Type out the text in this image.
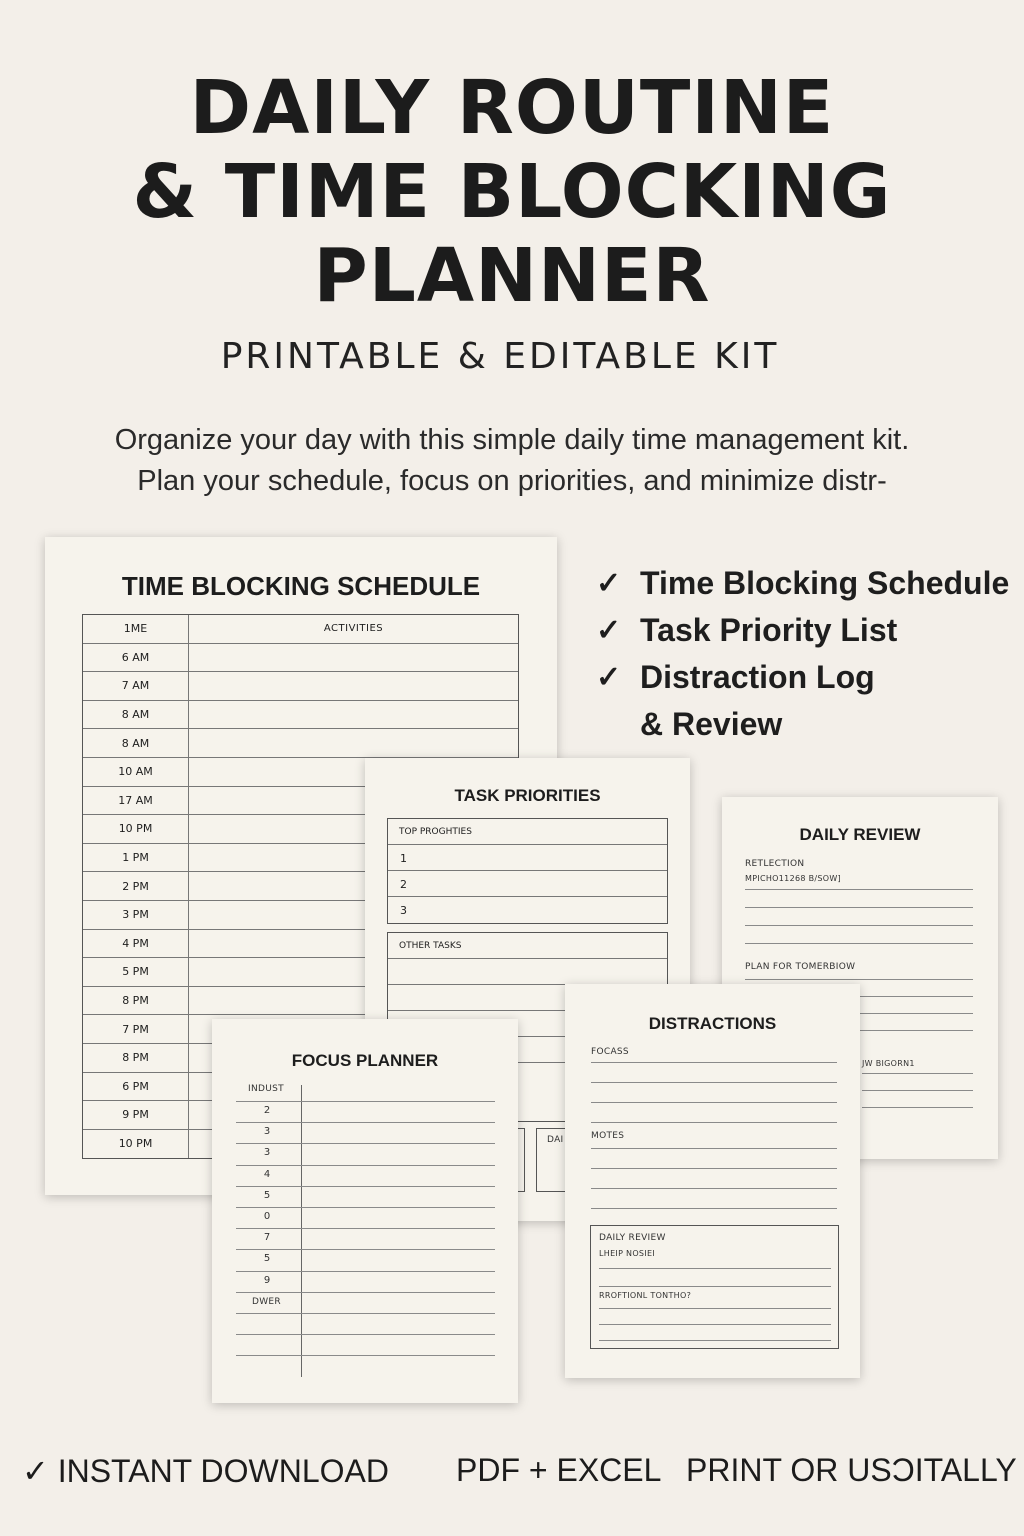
DAILY ROUTINE
& TIME BLOCKING
PLANNER
PRINTABLE & EDITABLE KIT
Organize your day with this simple daily time management kit.
Plan your schedule, focus on priorities, and minimize distr-
✓ Time Blocking Schedule
✓ Task Priority List
✓ Distraction Log
& Review
TIME BLOCKING SCHEDULE
1ME	ACTIVITIES
6 AM
7 AM
8 AM
8 AM
10 AM
17 AM
10 PM
1 PM
2 PM
3 PM
4 PM
5 PM
8 PM
7 PM
8 PM
6 PM
9 PM
10 PM
TASK PRIORITIES
TOP PROGHTIES
1
2
3
OTHER TASKS
DAI
DAILY REVIEW
RETLECTION
MPICHO11268 B/SOW]
PLAN FOR TOMERBIOW
JW BIGORN1
DISTRACTIONS
FOCASS
MOTES
DAILY REVIEW
LHEIP NOSIEI
RROFTIONL TONTHO?
FOCUS PLANNER
INDUST
2
3
3
4
5
0
7
5
9
DWER
✓ INSTANT DOWNLOAD PDF + EXCEL PRINT OR USƆITALLY
